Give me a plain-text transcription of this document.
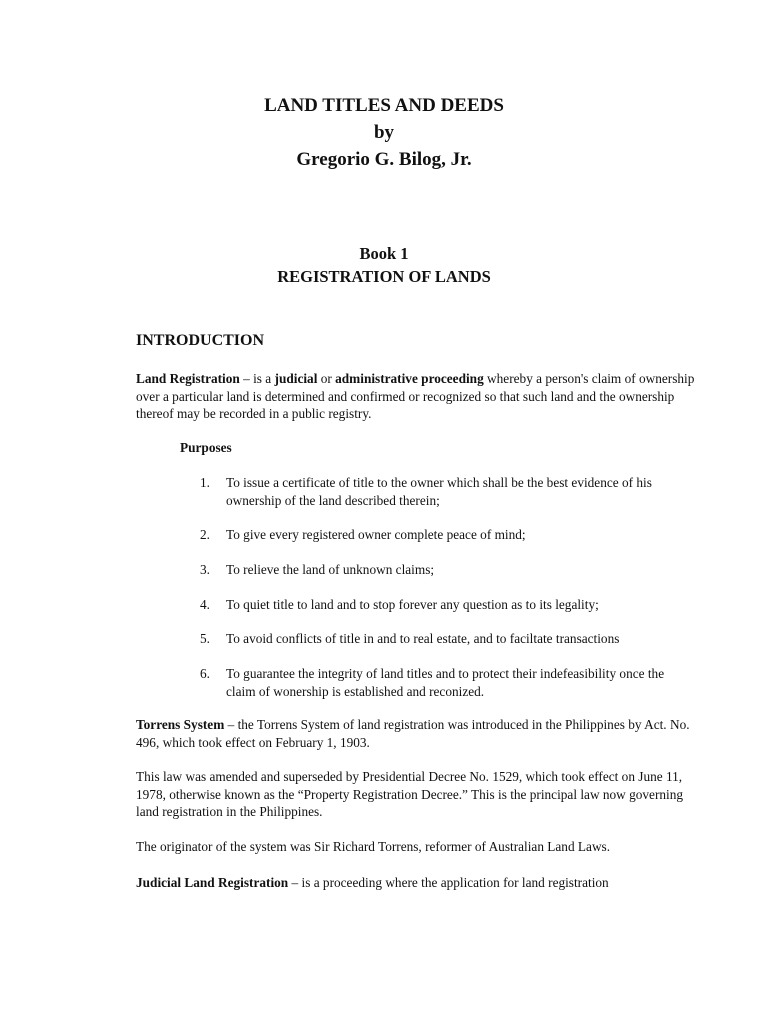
LAND TITLES AND DEEDS
by
Gregorio G. Bilog, Jr.
Book 1
REGISTRATION OF LANDS
INTRODUCTION
Land Registration – is a judicial or administrative proceeding whereby a person's claim of ownership over a particular land is determined and confirmed or recognized so that such land and the ownership thereof may be recorded in a public registry.
Purposes
1.	To issue a certificate of title to the owner which shall be the best evidence of his ownership of the land described therein;
2.	To give every registered owner complete peace of mind;
3.	To relieve the land of unknown claims;
4.	To quiet title to land and to stop forever any question as to its legality;
5.	To avoid conflicts of title in and to real estate, and to faciltate transactions
6.	To guarantee the integrity of land titles and to protect their indefeasibility once the claim of wonership is established and reconized.
Torrens System – the Torrens System of land registration was introduced in the Philippines by Act. No. 496, which took effect on February 1, 1903.
This law was amended and superseded by Presidential Decree No. 1529, which took effect on June 11, 1978, otherwise known as the “Property Registration Decree.” This is the principal law now governing land registration in the Philippines.
The originator of the system was Sir Richard Torrens, reformer of Australian Land Laws.
Judicial Land Registration – is a proceeding where the application for land registration
